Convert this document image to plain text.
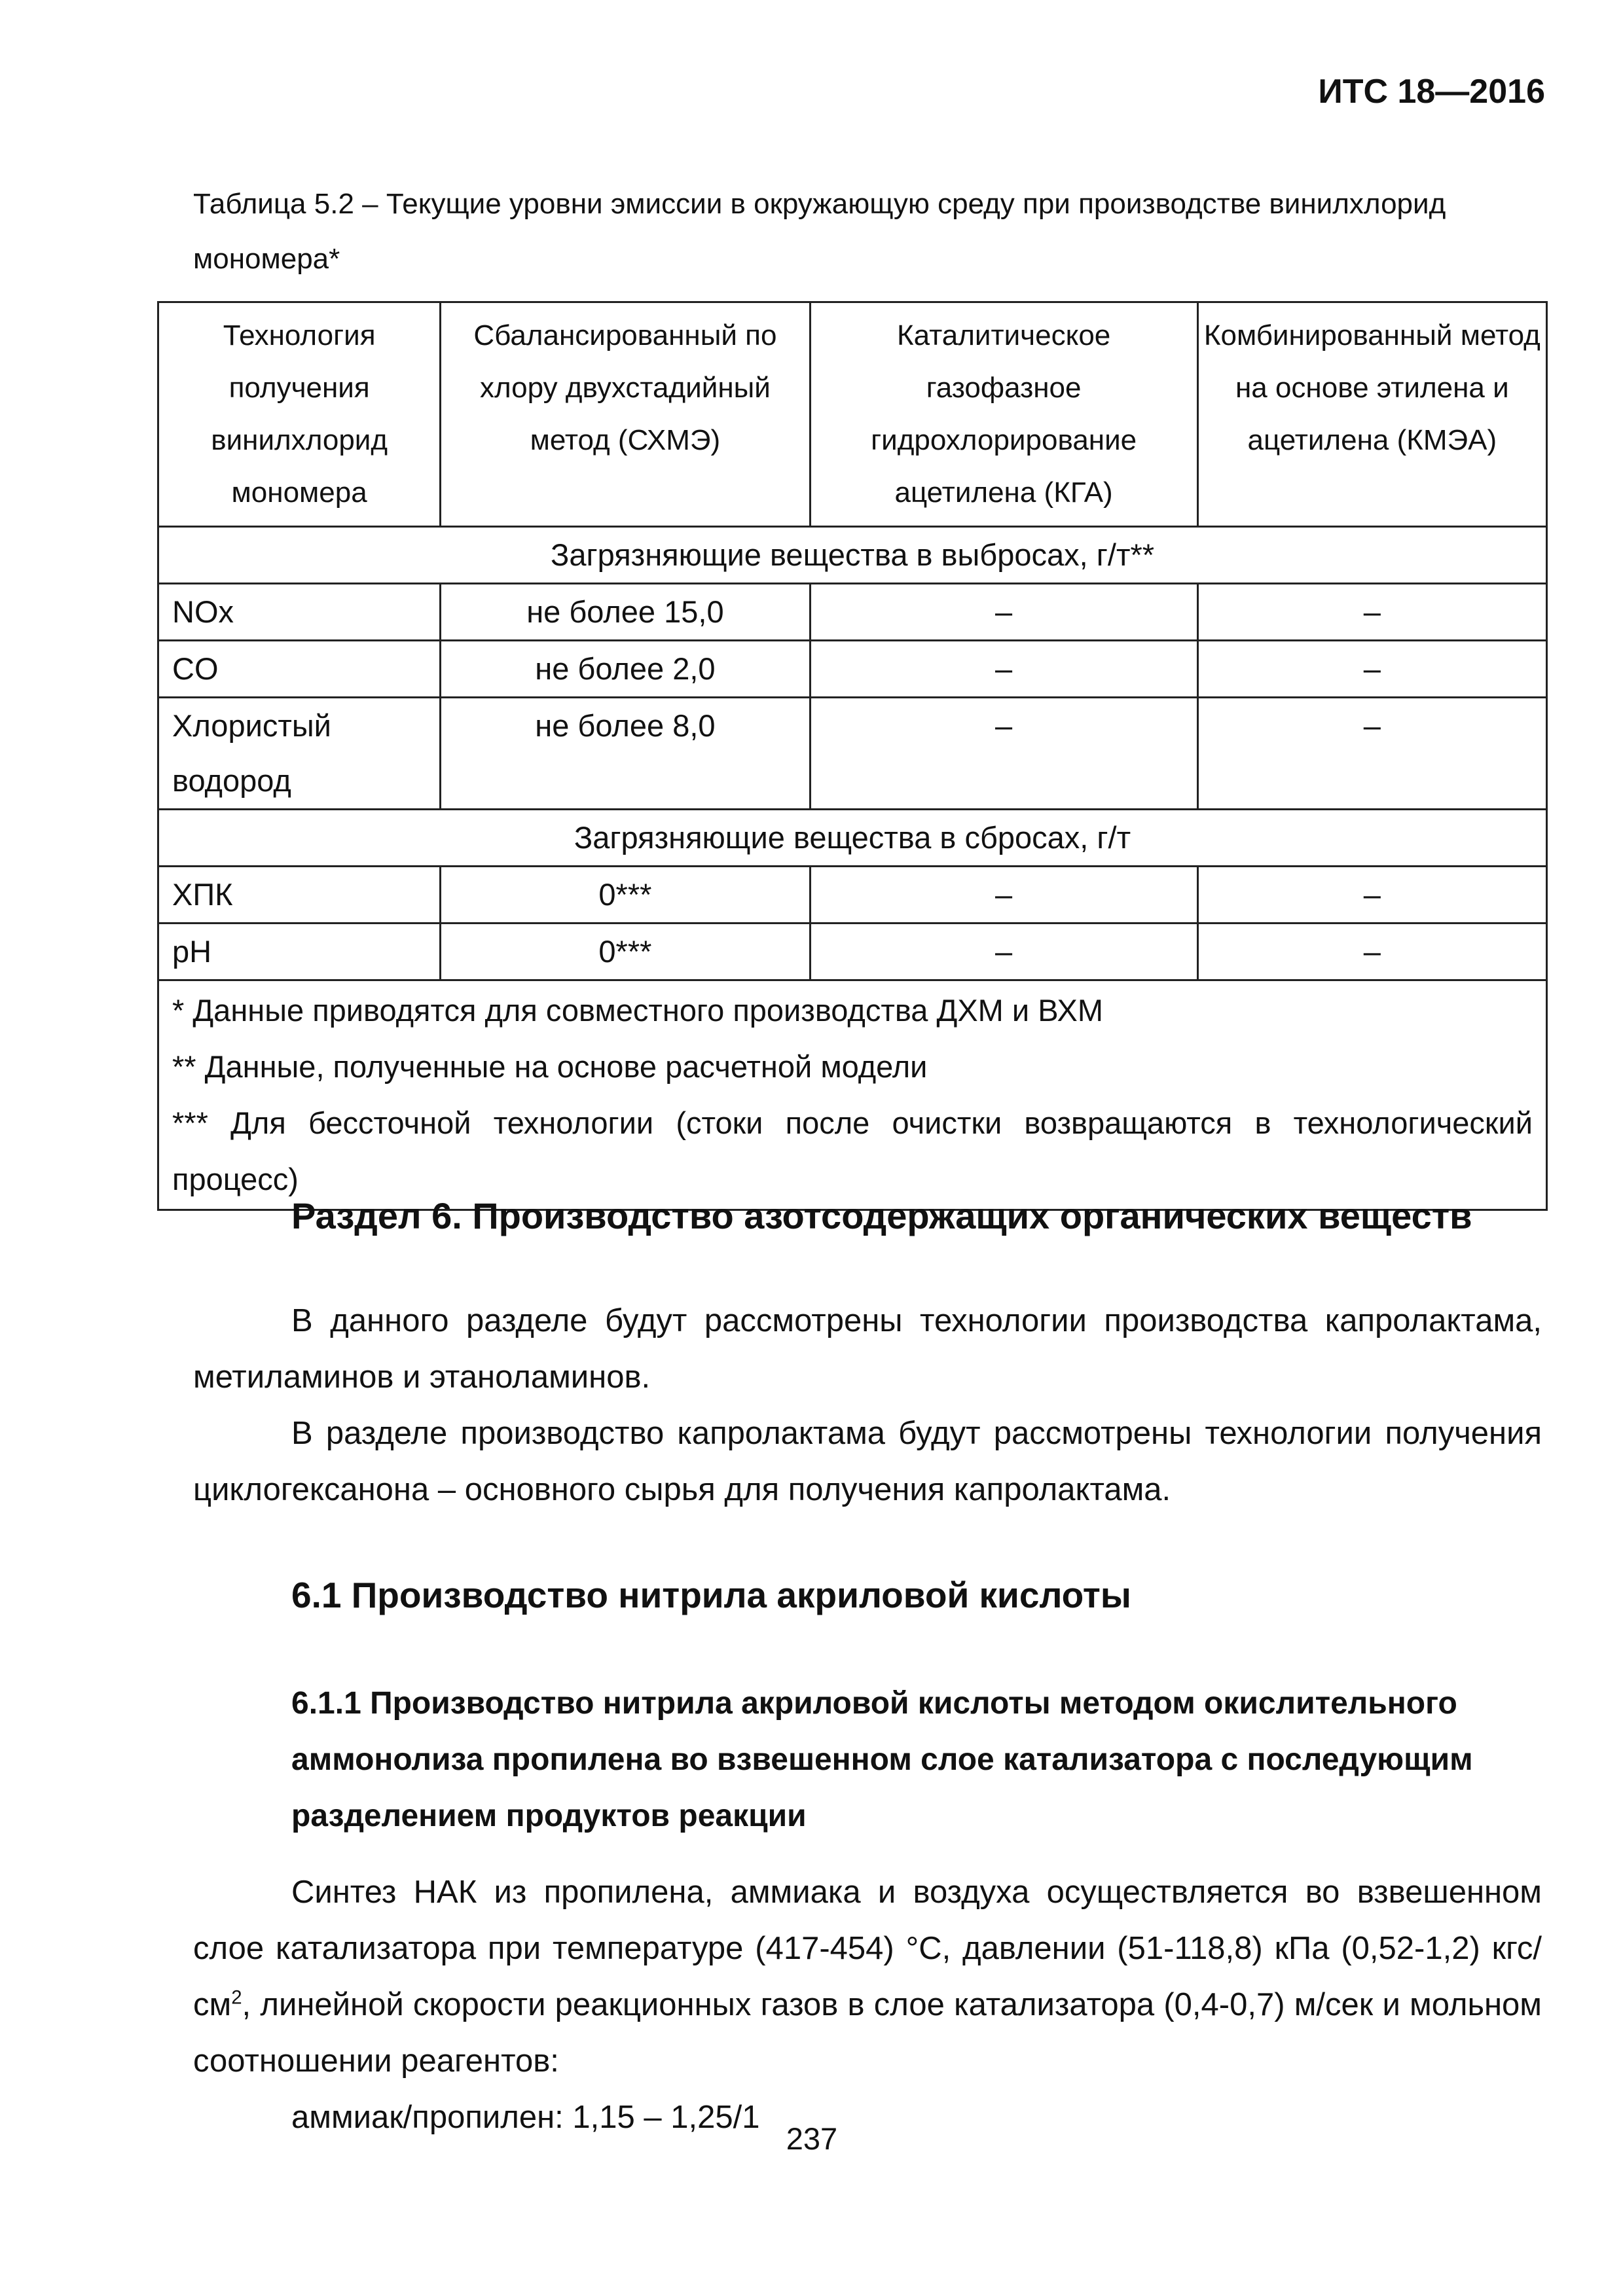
ИТС 18—2016
Таблица 5.2 – Текущие уровни эмиссии в окружающую среду при производстве винилхлорид мономера*
Технология получения винилхлорид мономера	Сбалансированный по хлору двухстадийный метод (СХМЭ)	Каталитическое газофазное гидрохлорирование ацетилена (КГА)	Комбинированный метод на основе этилена и ацетилена (КМЭА)
Загрязняющие вещества в выбросах, г/т**			
NOx	не более 15,0	–	–
CO	не более 2,0	–	–
Хлористый водород	не более 8,0	–	–
Загрязняющие вещества в сбросах, г/т			
ХПК	0***	–	–
pH	0***	–	–

* Данные приводятся для совместного производства ДХМ и ВХМ
** Данные, полученные на основе расчетной модели
*** Для бессточной технологии (стоки после очистки возвращаются в технологический процесс)			
Раздел 6. Производство азотсодержащих органических веществ
В данного разделе будут рассмотрены технологии производства капролактама, метиламинов и этаноламинов.
В разделе производство капролактама будут рассмотрены технологии получения циклогексанона – основного сырья для получения капролактама.
6.1 Производство нитрила акриловой кислоты
6.1.1 Производство нитрила акриловой кислоты методом окислительного аммонолиза пропилена во взвешенном слое катализатора с последующим разделением продуктов реакции
Синтез НАК из пропилена, аммиака и воздуха осуществляется во взвешенном слое катализатора при температуре (417-454) °С, давлении (51-118,8) кПа (0,52-1,2) кгс/$см^2$, линейной скорости реакционных газов в слое катализатора (0,4-0,7) м/сек и мольном соотношении реагентов:
аммиак/пропилен: 1,15 – 1,25/1
237
